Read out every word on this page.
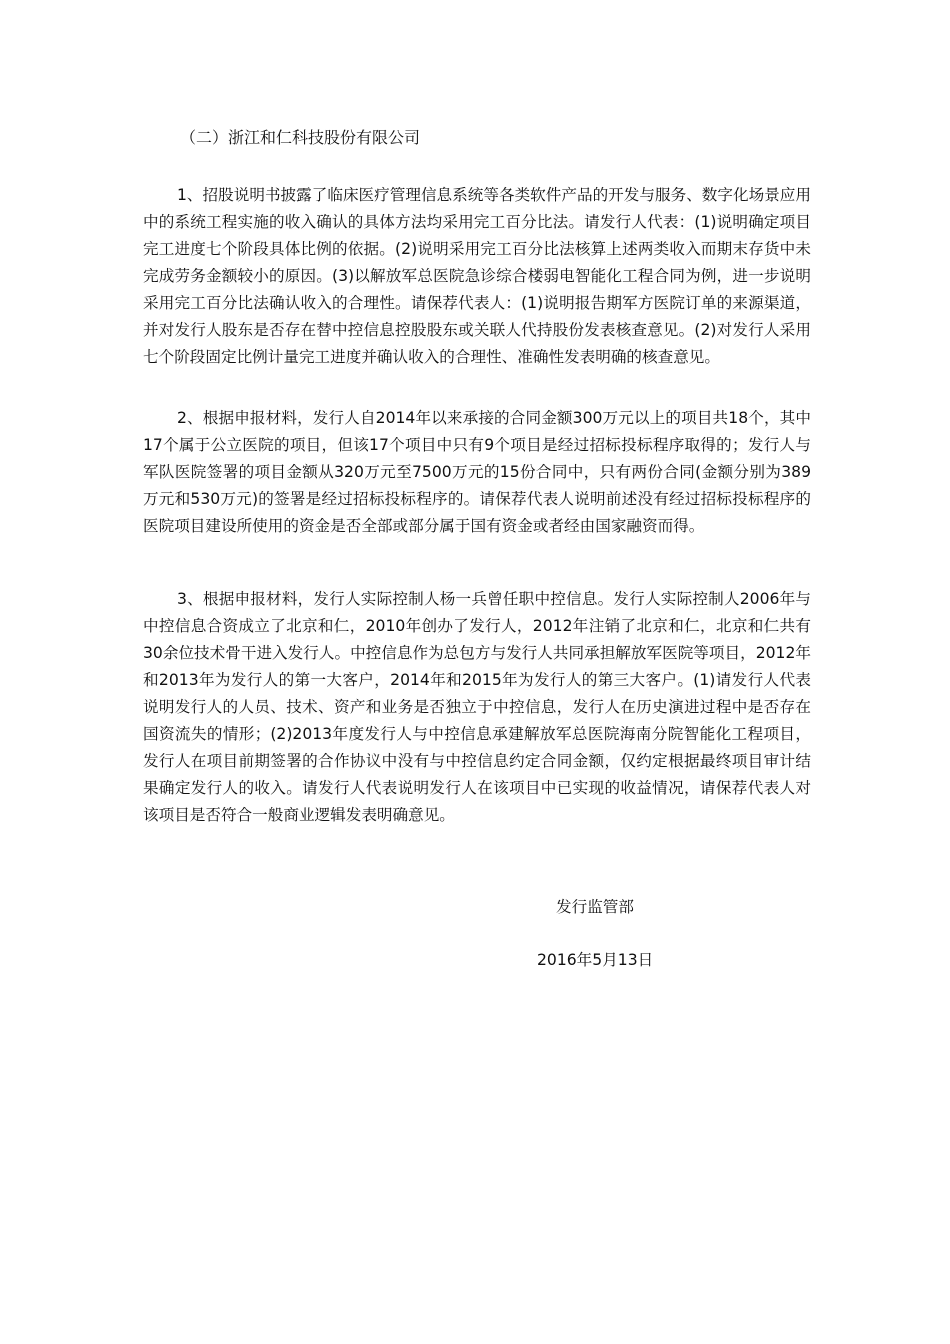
（二）浙江和仁科技股份有限公司

1、招股说明书披露了临床医疗管理信息系统等各类软件产品的开发与服务、数字化场景应用中的系统工程实施的收入确认的具体方法均采用完工百分比法。请发行人代表：(1)说明确定项目完工进度七个阶段具体比例的依据。(2)说明采用完工百分比法核算上述两类收入而期末存货中未完成劳务金额较小的原因。(3)以解放军总医院急诊综合楼弱电智能化工程合同为例，进一步说明采用完工百分比法确认收入的合理性。请保荐代表人：(1)说明报告期军方医院订单的来源渠道，并对发行人股东是否存在替中控信息控股股东或关联人代持股份发表核查意见。(2)对发行人采用七个阶段固定比例计量完工进度并确认收入的合理性、准确性发表明确的核查意见。

2、根据申报材料，发行人自2014年以来承接的合同金额300万元以上的项目共18个，其中17个属于公立医院的项目，但该17个项目中只有9个项目是经过招标投标程序取得的；发行人与军队医院签署的项目金额从320万元至7500万元的15份合同中，只有两份合同(金额分别为389万元和530万元)的签署是经过招标投标程序的。请保荐代表人说明前述没有经过招标投标程序的医院项目建设所使用的资金是否全部或部分属于国有资金或者经由国家融资而得。

3、根据申报材料，发行人实际控制人杨一兵曾任职中控信息。发行人实际控制人2006年与中控信息合资成立了北京和仁，2010年创办了发行人，2012年注销了北京和仁，北京和仁共有30余位技术骨干进入发行人。中控信息作为总包方与发行人共同承担解放军医院等项目，2012年和2013年为发行人的第一大客户，2014年和2015年为发行人的第三大客户。(1)请发行人代表说明发行人的人员、技术、资产和业务是否独立于中控信息，发行人在历史演进过程中是否存在国资流失的情形；(2)2013年度发行人与中控信息承建解放军总医院海南分院智能化工程项目，发行人在项目前期签署的合作协议中没有与中控信息约定合同金额，仅约定根据最终项目审计结果确定发行人的收入。请发行人代表说明发行人在该项目中已实现的收益情况，请保荐代表人对该项目是否符合一般商业逻辑发表明确意见。

发行监管部
2016年5月13日
